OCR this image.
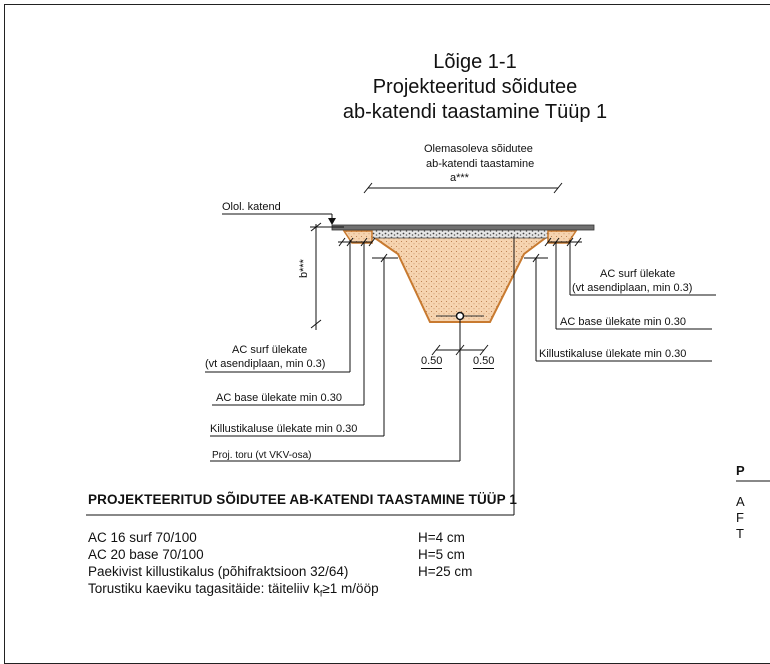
Lõige 1-1
Projekteeritud sõidutee
ab-katendi taastamine Tüüp 1
Olemasoleva sõidutee
ab-katendi taastamine
a***
Olol. katend
b***
AC surf ülekate
(vt asendiplaan, min 0.3)
AC base ülekate min 0.30
Killustikaluse ülekate min 0.30
Proj. toru (vt VKV-osa)
0.50	0.50
AC surf ülekate
(vt asendiplaan, min 0.3)
AC base ülekate min 0.30
Killustikaluse ülekate min 0.30
PROJEKTEERITUD SÕIDUTEE AB-KATENDI TAASTAMINE TÜÜP 1
AC 16 surf 70/100	H=4 cm
AC 20 base 70/100	H=5 cm
Paekivist killustikalus (põhifraktsioon 32/64)	H=25 cm
Torustiku kaeviku tagasitäide: täiteliiv $k_f\ge 1$ m/ööp
P
A
F
T
